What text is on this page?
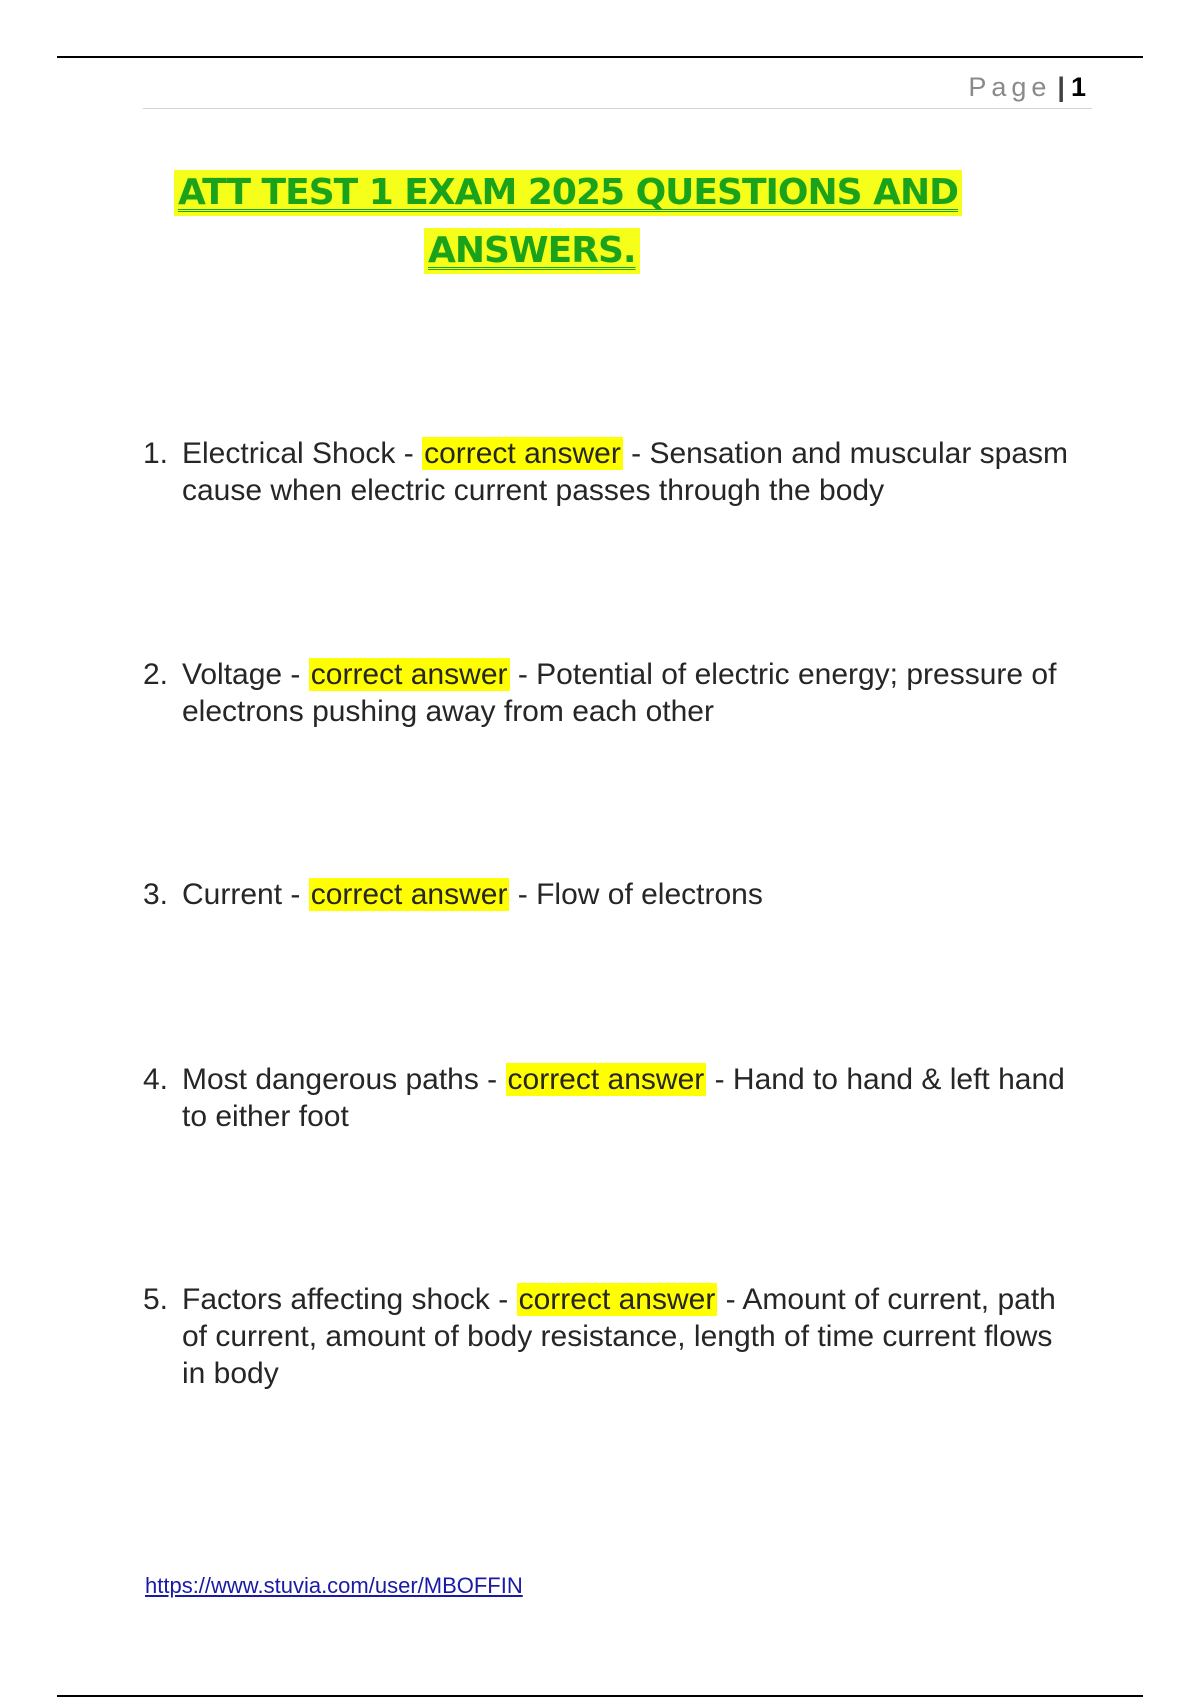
Page | 1
ATT TEST 1 EXAM 2025 QUESTIONS AND
ANSWERS.
1. Electrical Shock - correct answer - Sensation and muscular spasm cause when electric current passes through the body
2. Voltage - correct answer - Potential of electric energy; pressure of electrons pushing away from each other
3. Current - correct answer - Flow of electrons
4. Most dangerous paths - correct answer - Hand to hand & left hand to either foot
5. Factors affecting shock - correct answer - Amount of current, path of current, amount of body resistance, length of time current flows in body
https://www.stuvia.com/user/MBOFFIN
